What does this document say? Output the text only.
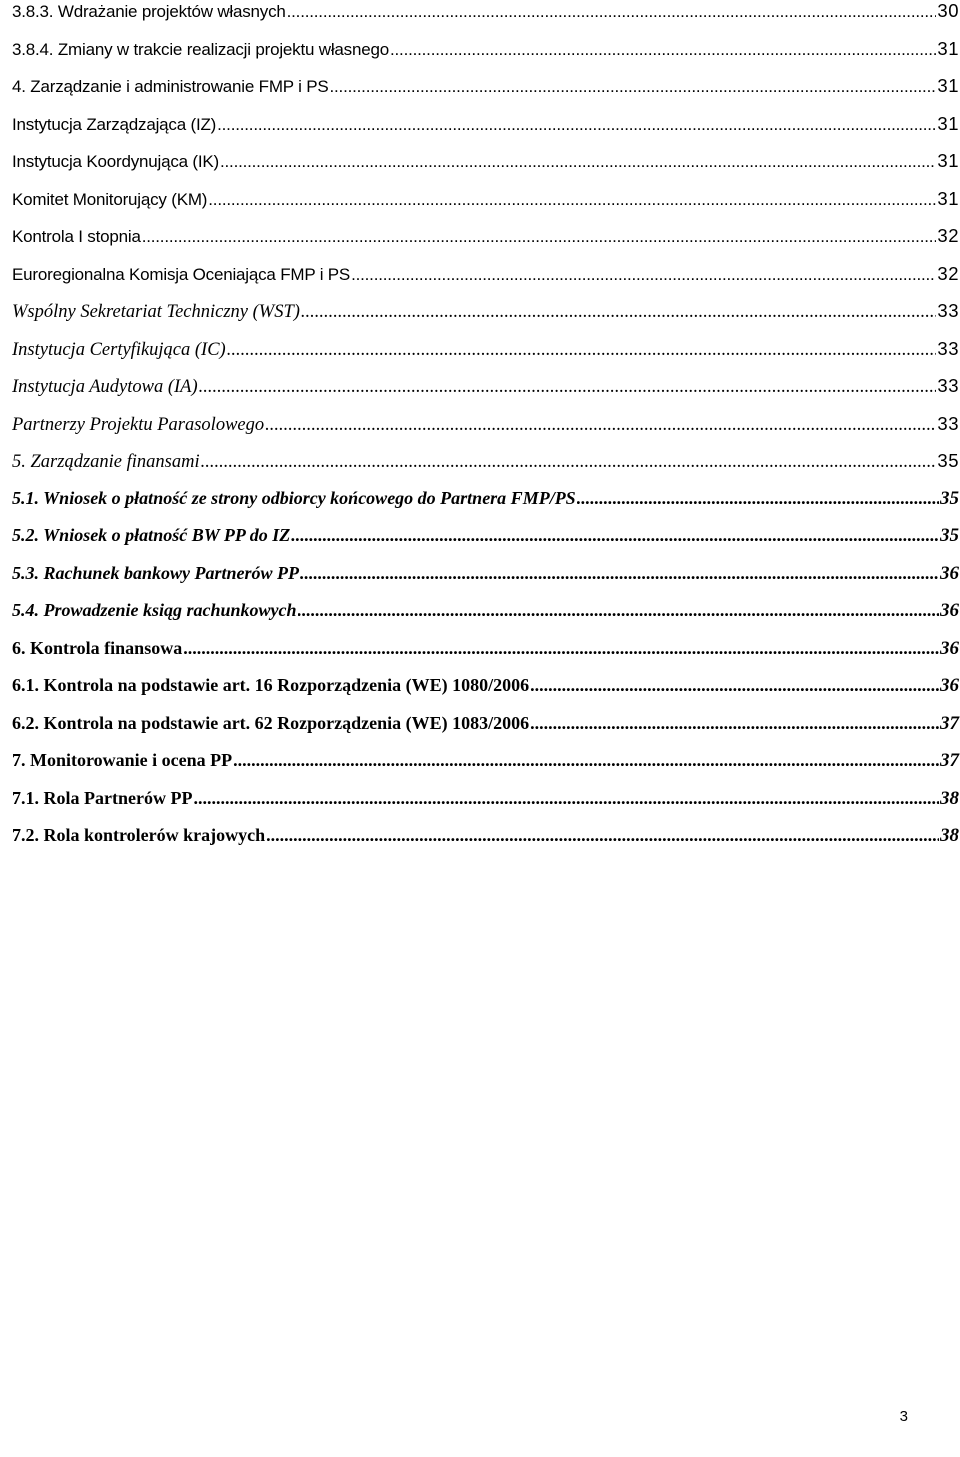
3.8.3. Wdrażanie projektów własnych .....	30
3.8.4. Zmiany w trakcie realizacji projektu własnego .....	31
4. Zarządzanie i administrowanie FMP i PS .....	31
Instytucja Zarządzająca (IZ) .....	31
Instytucja Koordynująca (IK) .....	31
Komitet Monitorujący (KM) .....	31
Kontrola I stopnia .....	32
Euroregionalna Komisja Oceniająca FMP i PS .....	32
Wspólny Sekretariat Techniczny (WST) .....	33
Instytucja Certyfikująca (IC) .....	33
Instytucja Audytowa (IA) .....	33
Partnerzy Projektu Parasolowego .....	33
5. Zarządzanie finansami .....	35
5.1. Wniosek o płatność ze strony odbiorcy końcowego do Partnera FMP/PS .....	35
5.2. Wniosek o płatność BW PP do IZ .....	35
5.3. Rachunek bankowy Partnerów PP .....	36
5.4. Prowadzenie ksiąg rachunkowych .....	36
6. Kontrola finansowa .....	36
6.1. Kontrola na podstawie art. 16 Rozporządzenia (WE) 1080/2006 .....	36
6.2. Kontrola na podstawie art. 62 Rozporządzenia (WE) 1083/2006 .....	37
7. Monitorowanie i ocena PP .....	37
7.1. Rola Partnerów PP .....	38
7.2. Rola kontrolerów krajowych .....	38
3
